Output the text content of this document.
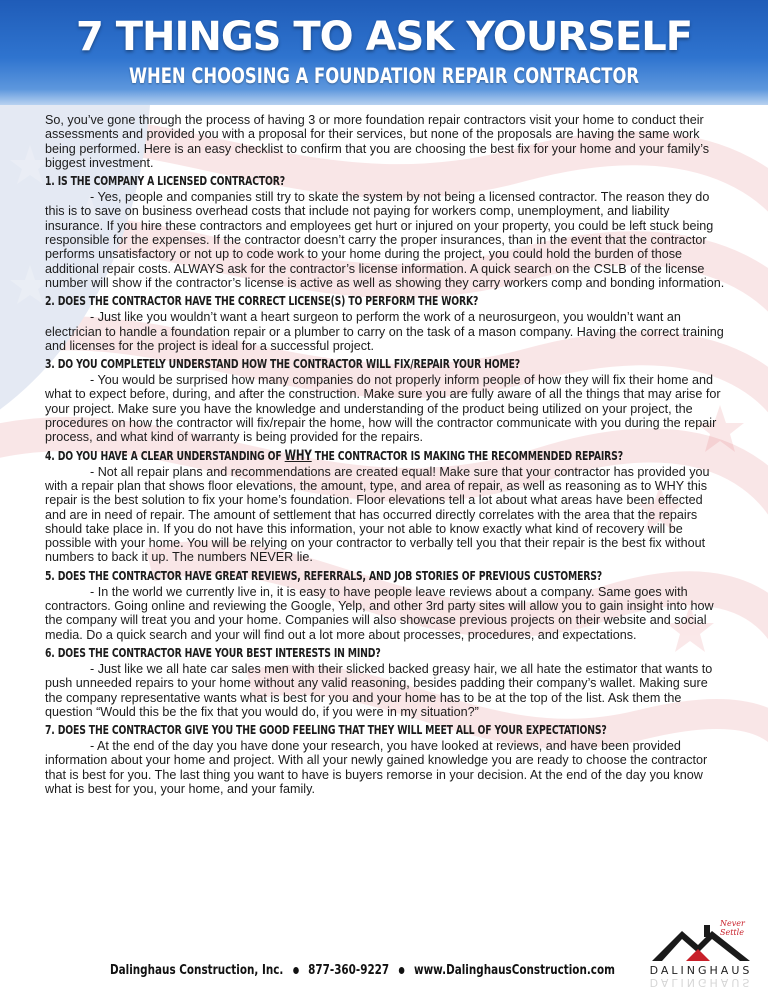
7 THINGS TO ASK YOURSELF
WHEN CHOOSING A FOUNDATION REPAIR CONTRACTOR

So, you’ve gone through the process of having 3 or more foundation repair contractors visit your home to conduct their assessments and provided you with a proposal for their services, but none of the proposals are having the same work being performed. Here is an easy checklist to confirm that you are choosing the best fix for your home and your family’s biggest investment.

1. IS THE COMPANY A LICENSED CONTRACTOR?

- Yes, people and companies still try to skate the system by not being a licensed contractor. The reason they do this is to save on business overhead costs that include not paying for workers comp, unemployment, and liability insurance. If you hire these contractors and employees get hurt or injured on your property, you could be left stuck being responsible for the expenses. If the contractor doesn’t carry the proper insurances, than in the event that the contractor performs unsatisfactory or not up to code work to your home during the project, you could hold the burden of those additional repair costs. ALWAYS ask for the contractor’s license information. A quick search on the CSLB of the license number will show if the contractor’s license is active as well as showing they carry workers comp and bonding information.

2. DOES THE CONTRACTOR HAVE THE CORRECT LICENSE(S) TO PERFORM THE WORK?

- Just like you wouldn’t want a heart surgeon to perform the work of a neurosurgeon, you wouldn’t want an electrician to handle a foundation repair or a plumber to carry on the task of a mason company. Having the correct training and licenses for the project is ideal for a successful project.

3. DO YOU COMPLETELY UNDERSTAND HOW THE CONTRACTOR WILL FIX/REPAIR YOUR HOME?

- You would be surprised how many companies do not properly inform people of how they will fix their home and what to expect before, during, and after the construction. Make sure you are fully aware of all the things that may arise for your project. Make sure you have the knowledge and understanding of the product being utilized on your project, the procedures on how the contractor will fix/repair the home, how will the contractor communicate with you during the repair process, and what kind of warranty is being provided for the repairs.

4. DO YOU HAVE A CLEAR UNDERSTANDING OF WHY THE CONTRACTOR IS MAKING THE RECOMMENDED REPAIRS?

- Not all repair plans and recommendations are created equal! Make sure that your contractor has provided you with a repair plan that shows floor elevations, the amount, type, and area of repair, as well as reasoning as to WHY this repair is the best solution to fix your home’s foundation. Floor elevations tell a lot about what areas have been effected and are in need of repair. The amount of settlement that has occurred directly correlates with the area that the repairs should take place in. If you do not have this information, your not able to know exactly what kind of recovery will be possible with your home. You will be relying on your contractor to verbally tell you that their repair is the best fix without numbers to back it up. The numbers NEVER lie.

5. DOES THE CONTRACTOR HAVE GREAT REVIEWS, REFERRALS, AND JOB STORIES OF PREVIOUS CUSTOMERS?

- In the world we currently live in, it is easy to have people leave reviews about a company. Same goes with contractors. Going online and reviewing the Google, Yelp, and other 3rd party sites will allow you to gain insight into how the company will treat you and your home. Companies will also showcase previous projects on their website and social media. Do a quick search and your will find out a lot more about processes, procedures, and expectations.

6. DOES THE CONTRACTOR HAVE YOUR BEST INTERESTS IN MIND?

- Just like we all hate car sales men with their slicked backed greasy hair, we all hate the estimator that wants to push unneeded repairs to your home without any valid reasoning, besides padding their company’s wallet. Making sure the company representative wants what is best for you and your home has to be at the top of the list. Ask them the question “Would this be the fix that you would do, if you were in my situation?”

7. DOES THE CONTRACTOR GIVE YOU THE GOOD FEELING THAT THEY WILL MEET ALL OF YOUR EXPECTATIONS?

- At the end of the day you have done your research, you have looked at reviews, and have been provided information about your home and project. With all your newly gained knowledge you are ready to choose the contractor that is best for you. The last thing you want to have is buyers remorse in your decision. At the end of the day you know what is best for you, your home, and your family.

Dalinghaus Construction, Inc. 877-360-9227 www.DalinghausConstruction.com
Never Settle
DALINGHAUS
DALINGHAUS
